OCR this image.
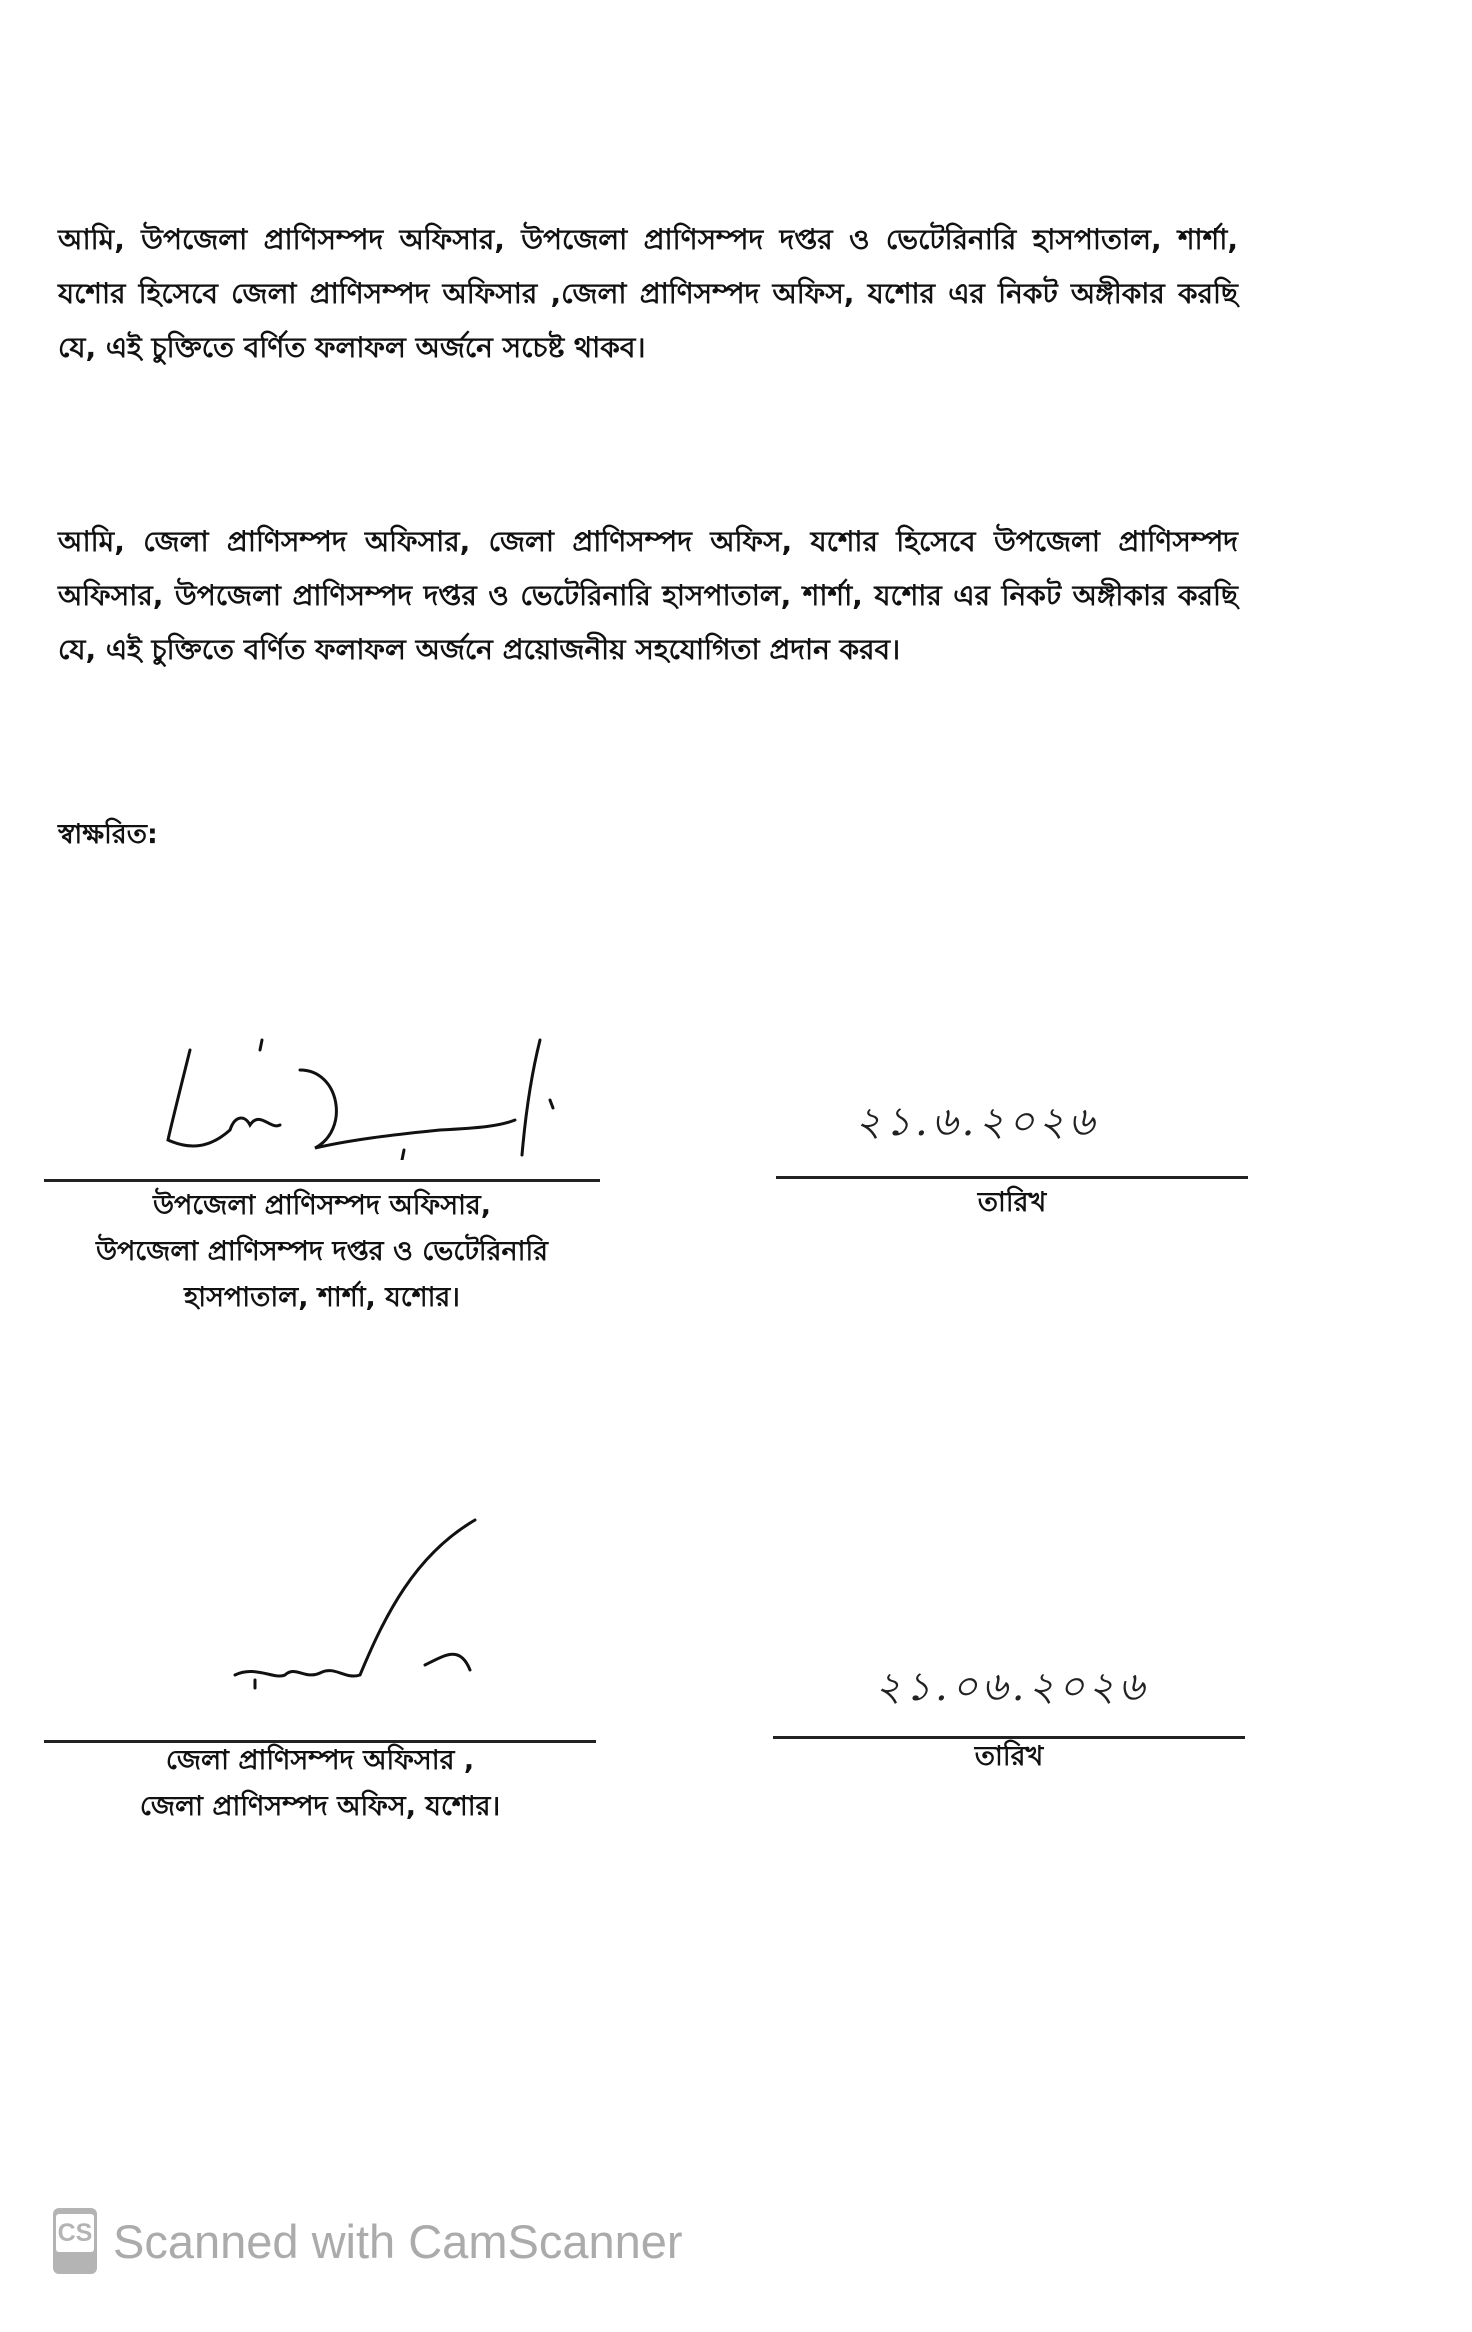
আমি, উপজেলা প্রাণিসম্পদ অফিসার, উপজেলা প্রাণিসম্পদ দপ্তর ও ভেটেরিনারি হাসপাতাল, শার্শা, যশোর হিসেবে জেলা প্রাণিসম্পদ অফিসার ,জেলা প্রাণিসম্পদ অফিস, যশোর এর নিকট অঙ্গীকার করছি যে, এই চুক্তিতে বর্ণিত ফলাফল অর্জনে সচেষ্ট থাকব।
আমি, জেলা প্রাণিসম্পদ অফিসার, জেলা প্রাণিসম্পদ অফিস, যশোর হিসেবে উপজেলা প্রাণিসম্পদ অফিসার, উপজেলা প্রাণিসম্পদ দপ্তর ও ভেটেরিনারি হাসপাতাল, শার্শা, যশোর এর নিকট অঙ্গীকার করছি যে, এই চুক্তিতে বর্ণিত ফলাফল অর্জনে প্রয়োজনীয় সহযোগিতা প্রদান করব।
স্বাক্ষরিত:
উপজেলা প্রাণিসম্পদ অফিসার,
উপজেলা প্রাণিসম্পদ দপ্তর ও ভেটেরিনারি
হাসপাতাল, শার্শা, যশোর।
২১.৬.২০২৬
তারিখ
জেলা প্রাণিসম্পদ অফিসার ,
জেলা প্রাণিসম্পদ অফিস, যশোর।
২১.০৬.২০২৬
তারিখ
CS Scanned with CamScanner
